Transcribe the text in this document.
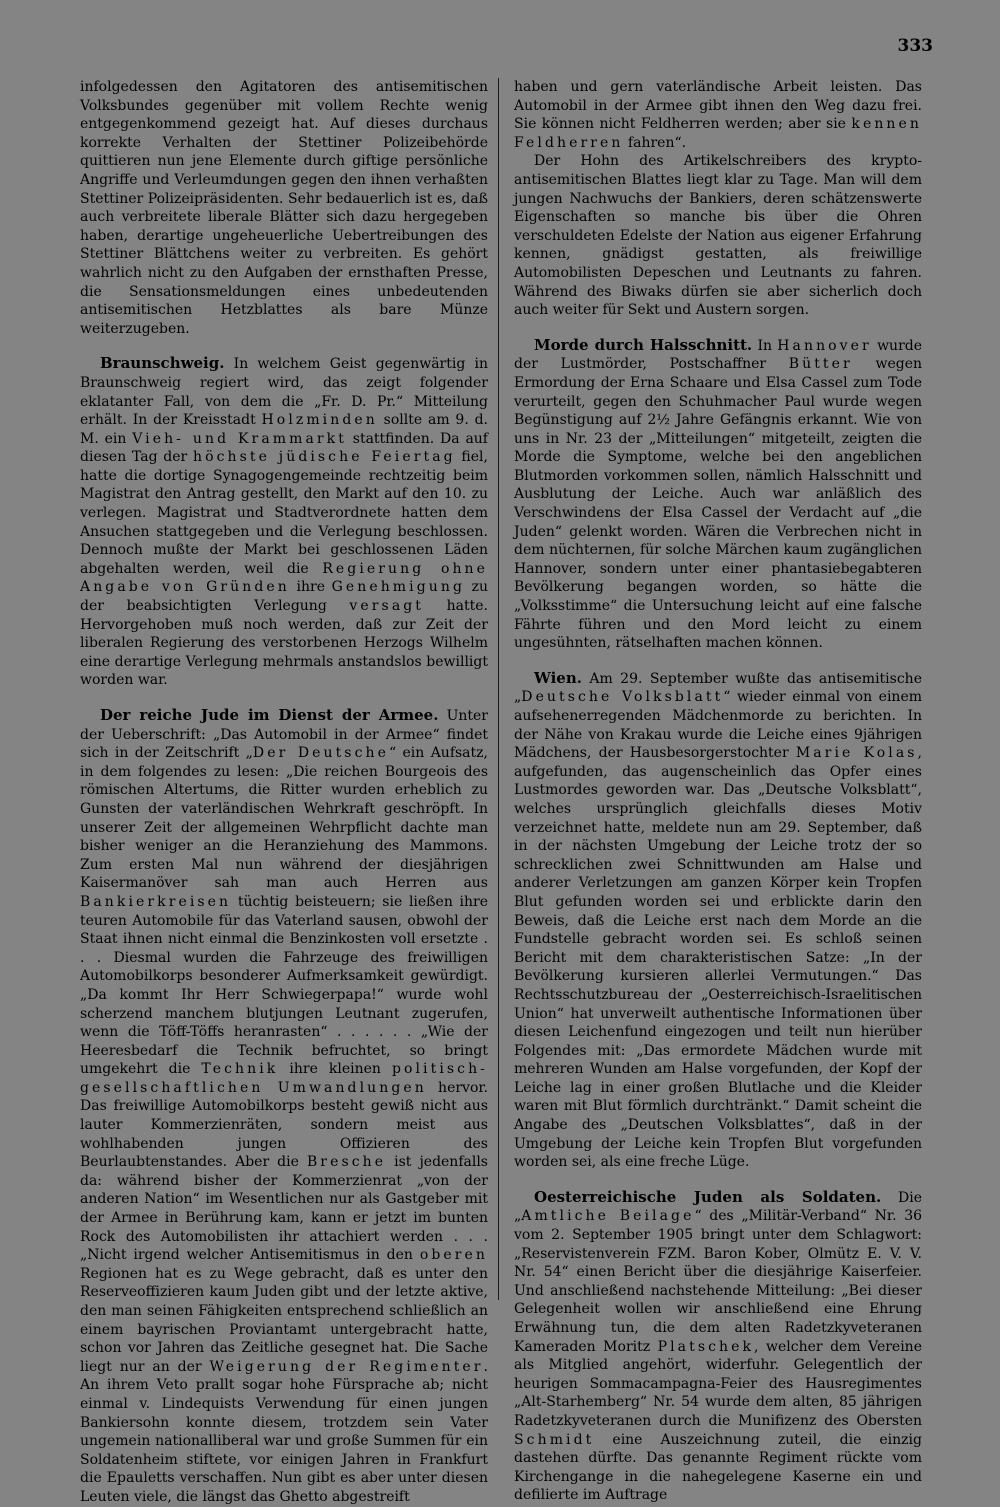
333

infolgedessen den Agitatoren des antisemitischen Volksbundes gegenüber mit vollem Rechte wenig entgegenkommend gezeigt hat. Auf dieses durchaus korrekte Verhalten der Stettiner Polizeibehörde quittieren nun jene Elemente durch giftige persönliche Angriffe und Verleumdungen gegen den ihnen verhaßten Stettiner Polizeipräsidenten. Sehr bedauerlich ist es, daß auch verbreitete liberale Blätter sich dazu hergegeben haben, derartige ungeheuerliche Uebertreibungen des Stettiner Blättchens weiter zu verbreiten. Es gehört wahrlich nicht zu den Aufgaben der ernsthaften Presse, die Sensationsmeldungen eines unbedeutenden antisemitischen Hetzblattes als bare Münze weiterzugeben.

Braunschweig. In welchem Geist gegenwärtig in Braunschweig regiert wird, das zeigt folgender eklatanter Fall, von dem die „Fr. D. Pr.“ Mitteilung erhält. In der Kreisstadt Holzminden sollte am 9. d. M. ein Vieh- und Krammarkt stattfinden. Da auf diesen Tag der höchste jüdische Feiertag fiel, hatte die dortige Synagogengemeinde rechtzeitig beim Magistrat den Antrag gestellt, den Markt auf den 10. zu verlegen. Magistrat und Stadtverordnete hatten dem Ansuchen stattgegeben und die Verlegung beschlossen. Dennoch mußte der Markt bei geschlossenen Läden abgehalten werden, weil die Regierung ohne Angabe von Gründen ihre Genehmigung zu der beabsichtigten Verlegung versagt hatte. Hervorgehoben muß noch werden, daß zur Zeit der liberalen Regierung des verstorbenen Herzogs Wilhelm eine derartige Verlegung mehrmals anstandslos bewilligt worden war.

Der reiche Jude im Dienst der Armee. Unter der Ueberschrift: „Das Automobil in der Armee“ findet sich in der Zeitschrift „Der Deutsche“ ein Aufsatz, in dem folgendes zu lesen: „Die reichen Bourgeois des römischen Altertums, die Ritter wurden erheblich zu Gunsten der vaterländischen Wehrkraft geschröpft. In unserer Zeit der allgemeinen Wehrpflicht dachte man bisher weniger an die Heranziehung des Mammons. Zum ersten Mal nun während der diesjährigen Kaisermanöver sah man auch Herren aus Bankierkreisen tüchtig beisteuern; sie ließen ihre teuren Automobile für das Vaterland sausen, obwohl der Staat ihnen nicht einmal die Benzinkosten voll ersetzte . . . Diesmal wurden die Fahrzeuge des freiwilligen Automobilkorps besonderer Aufmerksamkeit gewürdigt. „Da kommt Ihr Herr Schwiegerpapa!“ wurde wohl scherzend manchem blutjungen Leutnant zugerufen, wenn die Töff-Töffs heranrasten“ . . . . . . „Wie der Heeresbedarf die Technik befruchtet, so bringt umgekehrt die Technik ihre kleinen politisch-gesellschaftlichen Umwandlungen hervor. Das freiwillige Automobilkorps besteht gewiß nicht aus lauter Kommerzienräten, sondern meist aus wohlhabenden jungen Offizieren des Beurlaubtenstandes. Aber die Bresche ist jedenfalls da: während bisher der Kommerzienrat „von der anderen Nation“ im Wesentlichen nur als Gastgeber mit der Armee in Berührung kam, kann er jetzt im bunten Rock des Automobilisten ihr attachiert werden . . . „Nicht irgend welcher Antisemitismus in den oberen Regionen hat es zu Wege gebracht, daß es unter den Reserveoffizieren kaum Juden gibt und der letzte aktive, den man seinen Fähigkeiten entsprechend schließlich an einem bayrischen Proviantamt untergebracht hatte, schon vor Jahren das Zeitliche gesegnet hat. Die Sache liegt nur an der Weigerung der Regimenter. An ihrem Veto prallt sogar hohe Fürsprache ab; nicht einmal v. Lindequists Verwendung für einen jungen Bankiersohn konnte diesem, trotzdem sein Vater ungemein nationalliberal war und große Summen für ein Soldatenheim stiftete, vor einigen Jahren in Frankfurt die Epauletts verschaffen. Nun gibt es aber unter diesen Leuten viele, die längst das Ghetto abgestreift

haben und gern vaterländische Arbeit leisten. Das Automobil in der Armee gibt ihnen den Weg dazu frei. Sie können nicht Feldherren werden; aber sie kennen Feldherren fahren“.

Der Hohn des Artikelschreibers des krypto-antisemitischen Blattes liegt klar zu Tage. Man will dem jungen Nachwuchs der Bankiers, deren schätzenswerte Eigenschaften so manche bis über die Ohren verschuldeten Edelste der Nation aus eigener Erfahrung kennen, gnädigst gestatten, als freiwillige Automobilisten Depeschen und Leutnants zu fahren. Während des Biwaks dürfen sie aber sicherlich doch auch weiter für Sekt und Austern sorgen.

Morde durch Halsschnitt. In Hannover wurde der Lustmörder, Postschaffner Bütter wegen Ermordung der Erna Schaare und Elsa Cassel zum Tode verurteilt, gegen den Schuhmacher Paul wurde wegen Begünstigung auf 2½ Jahre Gefängnis erkannt. Wie von uns in Nr. 23 der „Mitteilungen“ mitgeteilt, zeigten die Morde die Symptome, welche bei den angeblichen Blutmorden vorkommen sollen, nämlich Halsschnitt und Ausblutung der Leiche. Auch war anläßlich des Verschwindens der Elsa Cassel der Verdacht auf „die Juden“ gelenkt worden. Wären die Verbrechen nicht in dem nüchternen, für solche Märchen kaum zugänglichen Hannover, sondern unter einer phantasiebegabteren Bevölkerung begangen worden, so hätte die „Volksstimme“ die Untersuchung leicht auf eine falsche Fährte führen und den Mord leicht zu einem ungesühnten, rätselhaften machen können.

Wien. Am 29. September wußte das antisemitische „Deutsche Volksblatt“ wieder einmal von einem aufsehenerregenden Mädchenmorde zu berichten. In der Nähe von Krakau wurde die Leiche eines 9jährigen Mädchens, der Hausbesorgerstochter Marie Kolas, aufgefunden, das augenscheinlich das Opfer eines Lustmordes geworden war. Das „Deutsche Volksblatt“, welches ursprünglich gleichfalls dieses Motiv verzeichnet hatte, meldete nun am 29. September, daß in der nächsten Umgebung der Leiche trotz der so schrecklichen zwei Schnittwunden am Halse und anderer Verletzungen am ganzen Körper kein Tropfen Blut gefunden worden sei und erblickte darin den Beweis, daß die Leiche erst nach dem Morde an die Fundstelle gebracht worden sei. Es schloß seinen Bericht mit dem charakteristischen Satze: „In der Bevölkerung kursieren allerlei Vermutungen.“ Das Rechtsschutzbureau der „Oesterreichisch-Israelitischen Union“ hat unverweilt authentische Informationen über diesen Leichenfund eingezogen und teilt nun hierüber Folgendes mit: „Das ermordete Mädchen wurde mit mehreren Wunden am Halse vorgefunden, der Kopf der Leiche lag in einer großen Blutlache und die Kleider waren mit Blut förmlich durchtränkt.“ Damit scheint die Angabe des „Deutschen Volksblattes“, daß in der Umgebung der Leiche kein Tropfen Blut vorgefunden worden sei, als eine freche Lüge.

Oesterreichische Juden als Soldaten. Die „Amtliche Beilage“ des „Militär-Verband“ Nr. 36 vom 2. September 1905 bringt unter dem Schlagwort: „Reservistenverein FZM. Baron Kober, Olmütz E. V. V. Nr. 54“ einen Bericht über die diesjährige Kaiserfeier. Und anschließend nachstehende Mitteilung: „Bei dieser Gelegenheit wollen wir anschließend eine Ehrung Erwähnung tun, die dem alten Radetzkyveteranen Kameraden Moritz Platschek, welcher dem Vereine als Mitglied angehört, widerfuhr. Gelegentlich der heurigen Sommacampagna-Feier des Hausregimentes „Alt-Starhemberg“ Nr. 54 wurde dem alten, 85 jährigen Radetzkyveteranen durch die Munifizenz des Obersten Schmidt eine Auszeichnung zuteil, die einzig dastehen dürfte. Das genannte Regiment rückte vom Kirchengange in die nahegelegene Kaserne ein und defilierte im Auftrage
